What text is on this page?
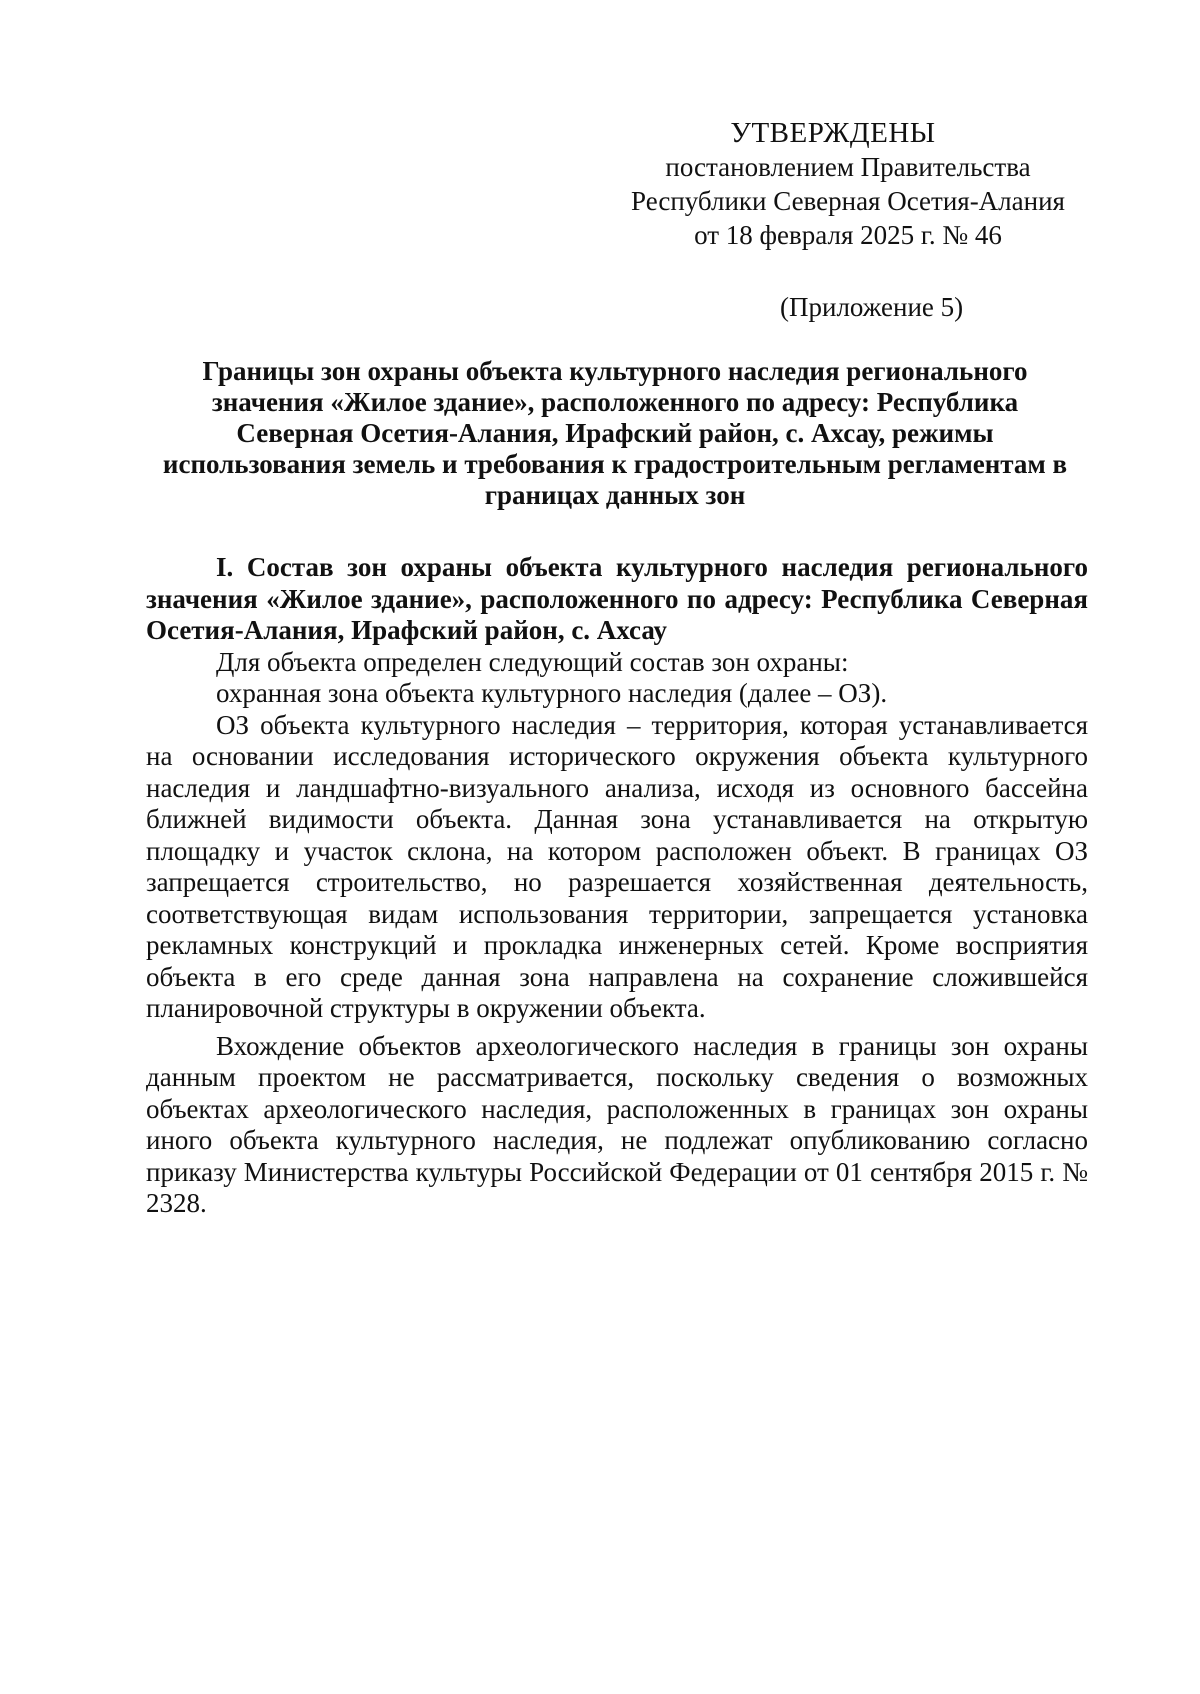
УТВЕРЖДЕНЫ
постановлением Правительства
Республики Северная Осетия-Алания
от 18 февраля 2025 г. № 46
(Приложение 5)
Границы зон охраны объекта культурного наследия регионального значения «Жилое здание», расположенного по адресу: Республика Северная Осетия-Алания, Ирафский район, с. Ахсау, режимы использования земель и требования к градостроительным регламентам в границах данных зон

I. Состав зон охраны объекта культурного наследия регионального значения «Жилое здание», расположенного по адресу: Республика Северная Осетия-Алания, Ирафский район, с. Ахсау

Для объекта определен следующий состав зон охраны:

охранная зона объекта культурного наследия (далее – ОЗ).

ОЗ объекта культурного наследия – территория, которая устанавливается на основании исследования исторического окружения объекта культурного наследия и ландшафтно-визуального анализа, исходя из основного бассейна ближней видимости объекта. Данная зона устанавливается на открытую площадку и участок склона, на котором расположен объект. В границах ОЗ запрещается строительство, но разрешается хозяйственная деятельность, соответствующая видам использования территории, запрещается установка рекламных конструкций и прокладка инженерных сетей. Кроме восприятия объекта в его среде данная зона направлена на сохранение сложившейся планировочной структуры в окружении объекта.

Вхождение объектов археологического наследия в границы зон охраны данным проектом не рассматривается, поскольку сведения о возможных объектах археологического наследия, расположенных в границах зон охраны иного объекта культурного наследия, не подлежат опубликованию согласно приказу Министерства культуры Российской Федерации от 01 сентября 2015 г. № 2328.
